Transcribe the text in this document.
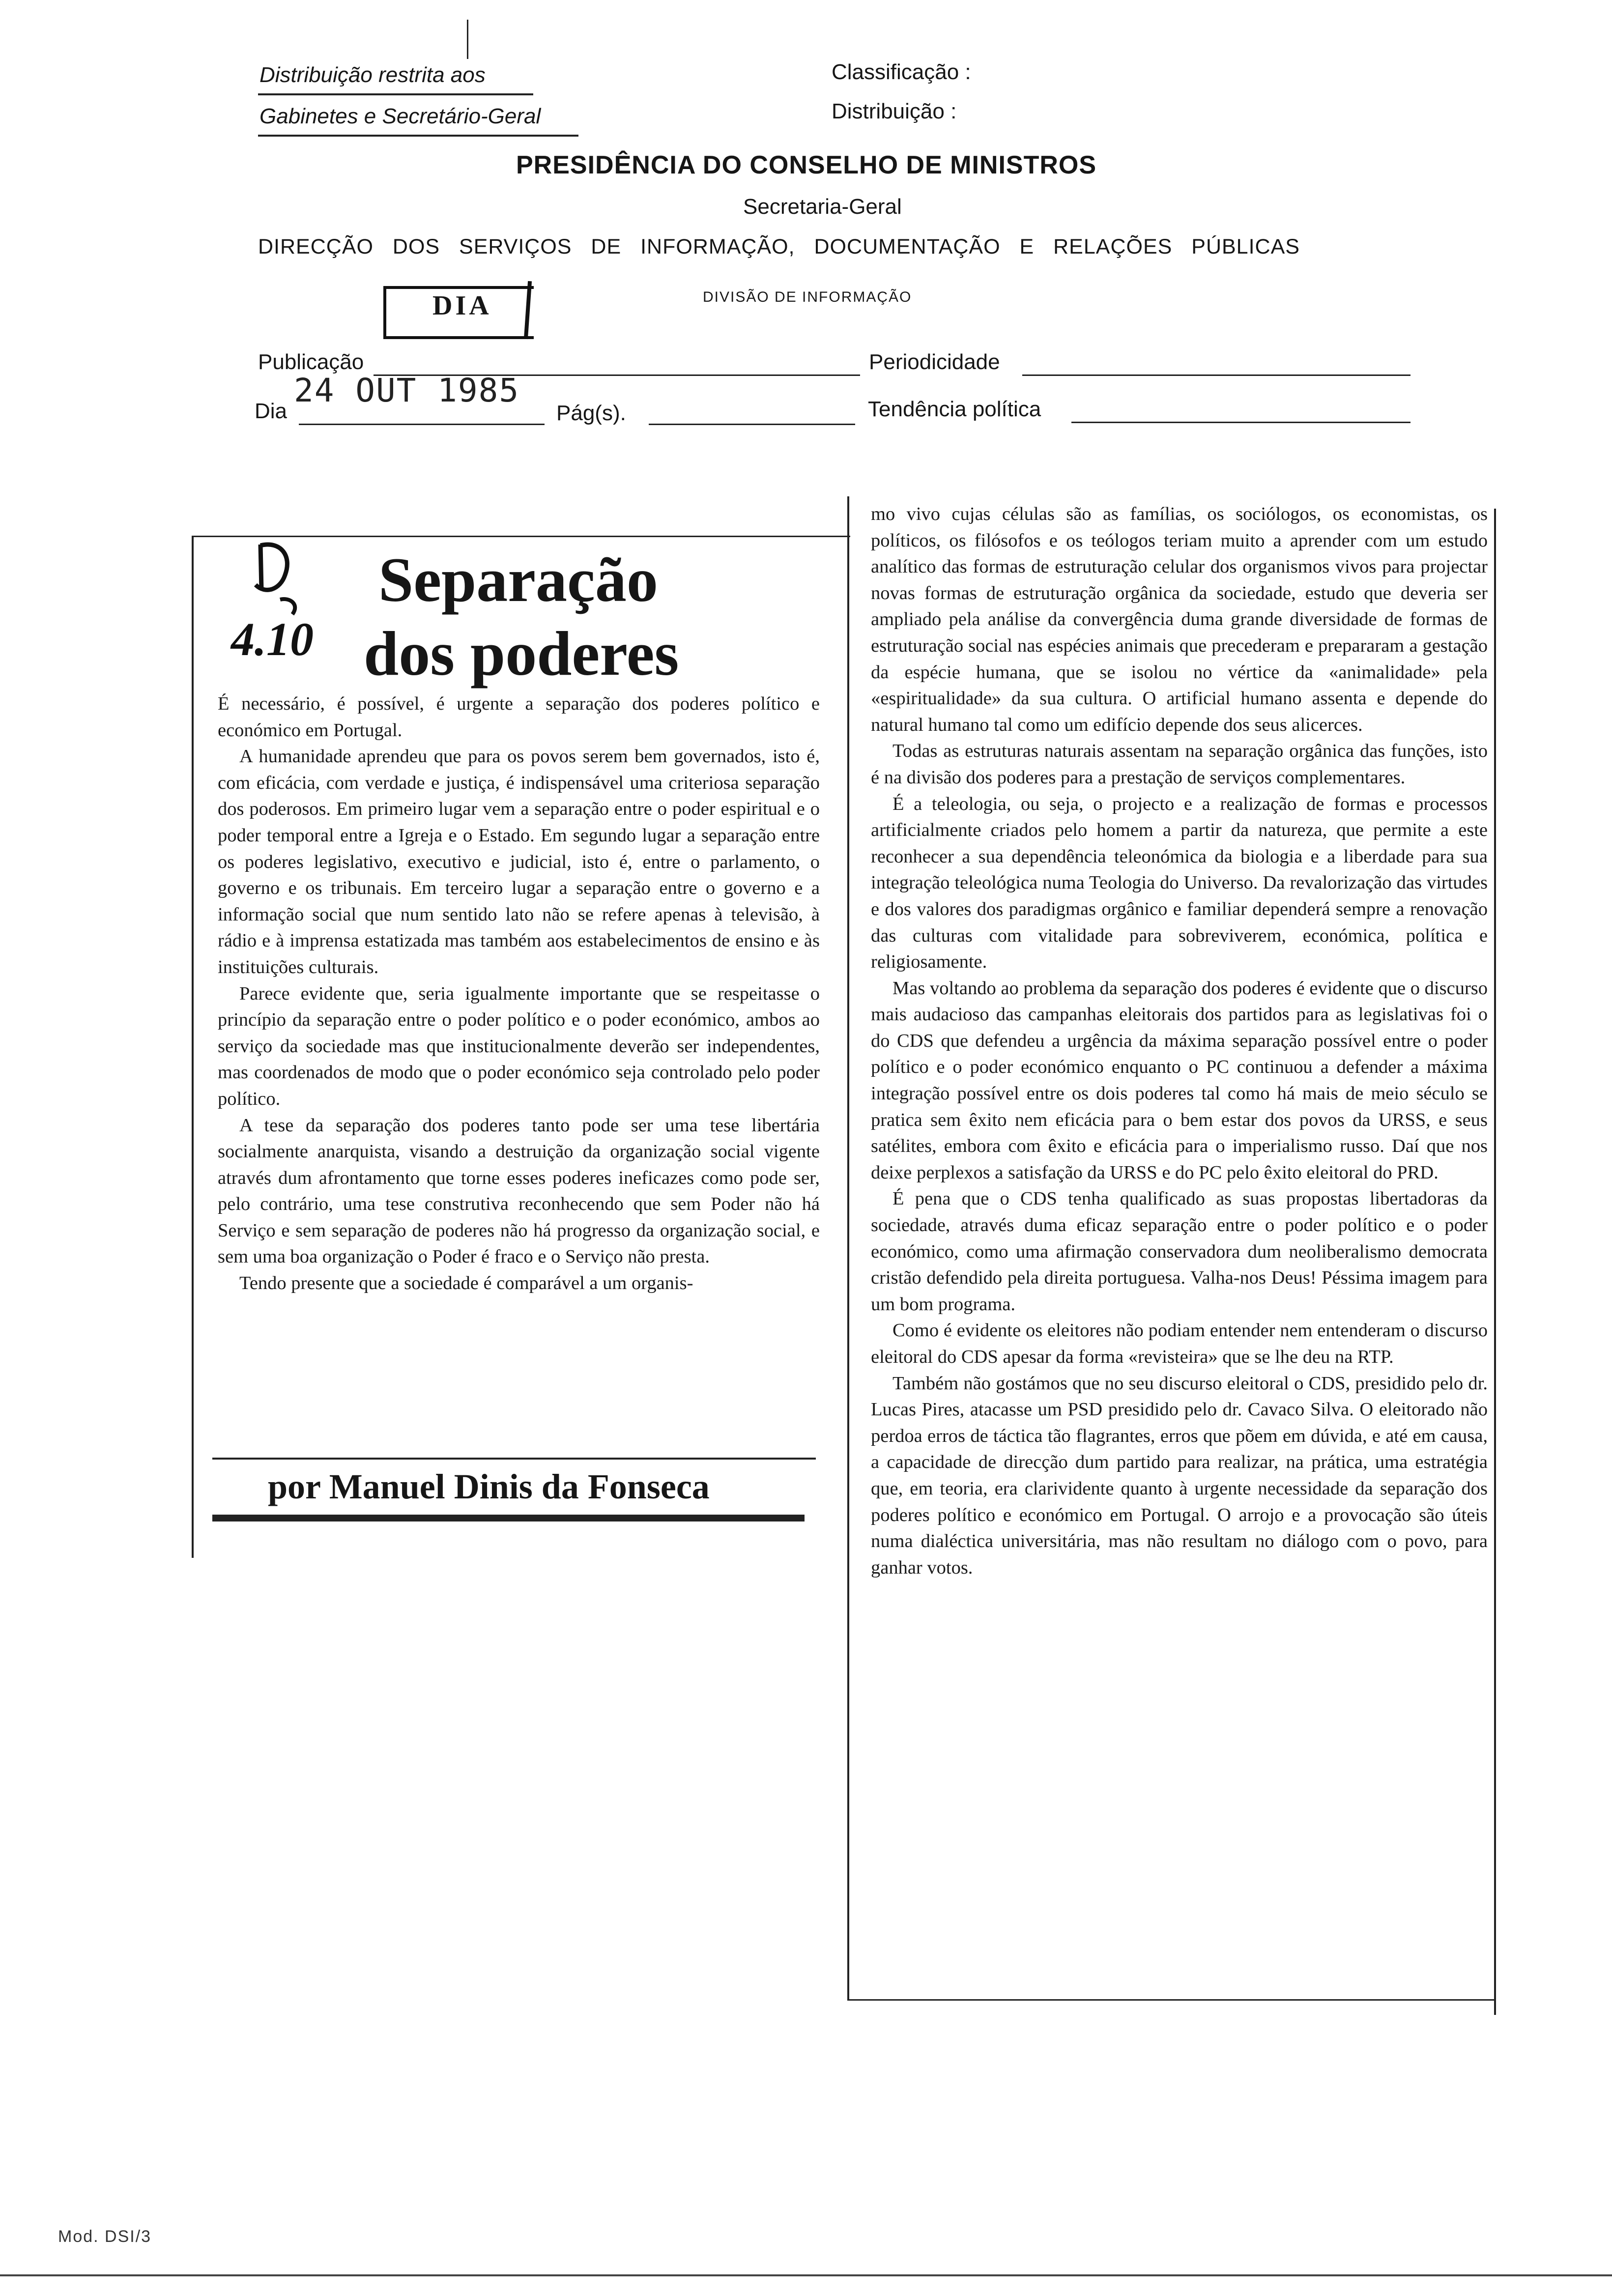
Distribuição restrita aos
Gabinetes e Secretário-Geral
Classificação :
Distribuição :
PRESIDÊNCIA DO CONSELHO DE MINISTROS
Secretaria-Geral
DIRECÇÃO DOS SERVIÇOS DE INFORMAÇÃO, DOCUMENTAÇÃO E RELAÇÕES PÚBLICAS
DIA	DIVISÃO DE INFORMAÇÃO
Publicação	Periodicidade
Dia
24 OUT 1985
Pág(s).	Tendência política
4.10
Separação
dos poderes

É necessário, é possível, é urgente a separação dos poderes político e económico em Portugal.

A humanidade aprendeu que para os povos serem bem governados, isto é, com eficácia, com verdade e justiça, é indispensável uma criteriosa separação dos poderosos. Em primeiro lugar vem a separação entre o poder espiritual e o poder temporal entre a Igreja e o Estado. Em segundo lugar a separação entre os poderes legislativo, executivo e judicial, isto é, entre o parlamento, o governo e os tribunais. Em terceiro lugar a separação entre o governo e a informação social que num sentido lato não se refere apenas à televisão, à rádio e à imprensa estatizada mas também aos estabelecimentos de ensino e às instituições culturais.

Parece evidente que, seria igualmente importante que se respeitasse o princípio da separação entre o poder político e o poder económico, ambos ao serviço da sociedade mas que institucionalmente deverão ser independentes, mas coordenados de modo que o poder económico seja controlado pelo poder político.

A tese da separação dos poderes tanto pode ser uma tese libertária socialmente anarquista, visando a destruição da organização social vigente através dum afrontamento que torne esses poderes ineficazes como pode ser, pelo contrário, uma tese construtiva reconhecendo que sem Poder não há Serviço e sem separação de poderes não há progresso da organização social, e sem uma boa organização o Poder é fraco e o Serviço não presta.

Tendo presente que a sociedade é comparável a um organis-

por Manuel Dinis da Fonseca

mo vivo cujas células são as famílias, os sociólogos, os economistas, os políticos, os filósofos e os teólogos teriam muito a aprender com um estudo analítico das formas de estruturação celular dos organismos vivos para projectar novas formas de estruturação orgânica da sociedade, estudo que deveria ser ampliado pela análise da convergência duma grande diversidade de formas de estruturação social nas espécies animais que precederam e prepararam a gestação da espécie humana, que se isolou no vértice da «animalidade» pela «espiritualidade» da sua cultura. O artificial humano assenta e depende do natural humano tal como um edifício depende dos seus alicerces.

Todas as estruturas naturais assentam na separação orgânica das funções, isto é na divisão dos poderes para a prestação de serviços complementares.

É a teleologia, ou seja, o projecto e a realização de formas e processos artificialmente criados pelo homem a partir da natureza, que permite a este reconhecer a sua dependência teleonómica da biologia e a liberdade para sua integração teleológica numa Teologia do Universo. Da revalorização das virtudes e dos valores dos paradigmas orgânico e familiar dependerá sempre a renovação das culturas com vitalidade para sobreviverem, económica, política e religiosamente.

Mas voltando ao problema da separação dos poderes é evidente que o discurso mais audacioso das campanhas eleitorais dos partidos para as legislativas foi o do CDS que defendeu a urgência da máxima separação possível entre o poder político e o poder económico enquanto o PC continuou a defender a máxima integração possível entre os dois poderes tal como há mais de meio século se pratica sem êxito nem eficácia para o bem estar dos povos da URSS, e seus satélites, embora com êxito e eficácia para o imperialismo russo. Daí que nos deixe perplexos a satisfação da URSS e do PC pelo êxito eleitoral do PRD.

É pena que o CDS tenha qualificado as suas propostas libertadoras da sociedade, através duma eficaz separação entre o poder político e o poder económico, como uma afirmação conservadora dum neoliberalismo democrata cristão defendido pela direita portuguesa. Valha-nos Deus! Péssima imagem para um bom programa.

Como é evidente os eleitores não podiam entender nem entenderam o discurso eleitoral do CDS apesar da forma «revisteira» que se lhe deu na RTP.

Também não gostámos que no seu discurso eleitoral o CDS, presidido pelo dr. Lucas Pires, atacasse um PSD presidido pelo dr. Cavaco Silva. O eleitorado não perdoa erros de táctica tão flagrantes, erros que põem em dúvida, e até em causa, a capacidade de direcção dum partido para realizar, na prática, uma estratégia que, em teoria, era clarividente quanto à urgente necessidade da separação dos poderes político e económico em Portugal. O arrojo e a provocação são úteis numa dialéctica universitária, mas não resultam no diálogo com o povo, para ganhar votos.

Mod. DSI/3
